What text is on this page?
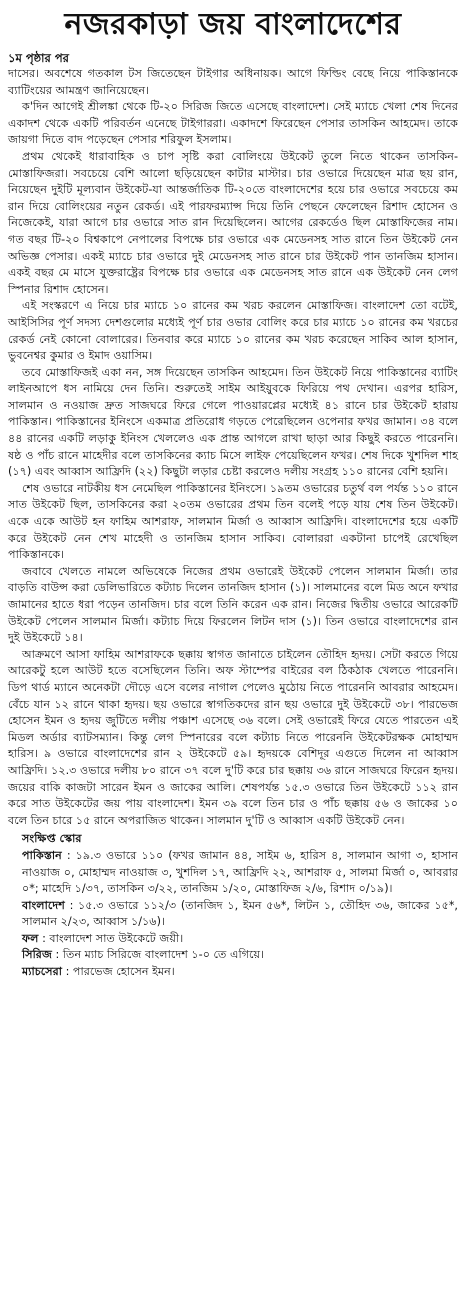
নজরকাড়া জয় বাংলাদেশের
১ম পৃষ্ঠার পর

দাসের। অবশেষে গতকাল টস জিতেছেন টাইগার অধিনায়ক। আগে ফিল্ডিং বেছে নিয়ে পাকিস্তানকে ব্যাটিংয়ের আমন্ত্রণ জানিয়েছেন।

ক'দিন আগেই শ্রীলঙ্কা থেকে টি-২০ সিরিজ জিতে এসেছে বাংলাদেশ। সেই ম্যাচে খেলা শেষ দিনের একাদশ থেকে একটি পরিবর্তন এনেছে টাইগাররা। একাদশে ফিরেছেন পেসার তাসকিন আহমেদ। তাকে জায়গা দিতে বাদ পড়েছেন পেসার শরিফুল ইসলাম।

প্রথম থেকেই ধারাবাহিক ও চাপ সৃষ্টি করা বোলিংয়ে উইকেট তুলে নিতে থাকেন তাসকিন-মোস্তাফিজরা। সবচেয়ে বেশি আলো ছড়িয়েছেন কাটার মাস্টার। চার ওভারে দিয়েছেন মাত্র ছয় রান, নিয়েছেন দুইটি মূল্যবান উইকেট-যা আন্তর্জাতিক টি-২০তে বাংলাদেশের হয়ে চার ওভারে সবচেয়ে কম রান দিয়ে বোলিংয়ের নতুন রেকর্ড। এই পারফরম্যান্স দিয়ে তিনি পেছনে ফেলেছেন রিশাদ হোসেন ও নিজেকেই, যারা আগে চার ওভারে সাত রান দিয়েছিলেন। আগের রেকর্ডেও ছিল মোস্তাফিজের নাম। গত বছর টি-২০ বিশ্বকাপে নেপালের বিপক্ষে চার ওভারে এক মেডেনসহ সাত রানে তিন উইকেট নেন অভিজ্ঞ পেসার। একই ম্যাচে চার ওভারে দুই মেডেনসহ সাত রানে চার উইকেট পান তানজিম হাসান। একই বছর মে মাসে যুক্তরাষ্ট্রের বিপক্ষে চার ওভারে এক মেডেনসহ সাত রানে এক উইকেট নেন লেগ স্পিনার রিশাদ হোসেন।

এই সংস্করণে এ নিয়ে চার ম্যাচে ১০ রানের কম খরচ করলেন মোস্তাফিজ। বাংলাদেশ তো বটেই, আইসিসির পূর্ণ সদস্য দেশগুলোর মধ্যেই পূর্ণ চার ওভার বোলিং করে চার ম্যাচে ১০ রানের কম খরচের রেকর্ড নেই কোনো বোলারের। তিনবার করে ম্যাচে ১০ রানের কম খরচ করেছেন সাকিব আল হাসান, ভুবনেশ্বর কুমার ও ইমাদ ওয়াসিম।

তবে মোস্তাফিজই একা নন, সঙ্গ দিয়েছেন তাসকিন আহমেদ। তিন উইকেট নিয়ে পাকিস্তানের ব্যাটিং লাইনআপে ধস নামিয়ে দেন তিনি। শুরুতেই সাইম আইয়ুবকে ফিরিয়ে পথ দেখান। এরপর হারিস, সালমান ও নওয়াজ দ্রুত সাজঘরে ফিরে গেলে পাওয়ারপ্লের মধ্যেই ৪১ রানে চার উইকেট হারায় পাকিস্তান। পাকিস্তানের ইনিংসে একমাত্র প্রতিরোধ গড়তে পেরেছিলেন ওপেনার ফখর জামান। ৩৪ বলে ৪৪ রানের একটি লড়াকু ইনিংস খেললেও এক প্রান্ত আগলে রাখা ছাড়া আর কিছুই করতে পারেননি। ষষ্ঠ ও পাঁচ রানে মাহেদীর বলে তাসকিনের ক্যাচ মিসে লাইফ পেয়েছিলেন ফখর। শেষ দিকে খুশদিল শাহ (১৭) এবং আব্বাস আফ্রিদি (২২) কিছুটা লড়ার চেষ্টা করলেও দলীয় সংগ্রহ ১১০ রানের বেশি হয়নি।

শেষ ওভারে নাটকীয় ধস নেমেছিল পাকিস্তানের ইনিংসে। ১৯তম ওভারের চতুর্থ বল পর্যন্ত ১১০ রানে সাত উইকেট ছিল, তাসকিনের করা ২০তম ওভারের প্রথম তিন বলেই পড়ে যায় শেষ তিন উইকেট। একে একে আউট হন ফাহিম আশরাফ, সালমান মির্জা ও আব্বাস আফ্রিদি। বাংলাদেশের হয়ে একটি করে উইকেট নেন শেখ মাহেদী ও তানজিম হাসান সাকিব। বোলাররা একটানা চাপেই রেখেছিল পাকিস্তানকে।

জবাবে খেলতে নামলে অভিষেকে নিজের প্রথম ওভারেই উইকেট পেলেন সালমান মির্জা। তার বাড়তি বাউন্স করা ডেলিভারিতে কট্যাচ দিলেন তানজিদ হাসান (১)। সালমানের বলে মিড অনে ফখার জামানের হাতে ধরা পড়েন তানজিদ। চার বলে তিনি করেন এক রান। নিজের দ্বিতীয় ওভারে আরেকটি উইকেট পেলেন সালমান মির্জা। কট্যাচ দিয়ে ফিরলেন লিটন দাস (১)। তিন ওভারে বাংলাদেশের রান দুই উইকেটে ১৪।

আক্রমণে আসা ফাহিম আশরাফকে ছক্কায় স্বাগত জানাতে চাইলেন তৌহিদ হৃদয়। সেটা করতে গিয়ে আরেকটু হলে আউট হতে বসেছিলেন তিনি। অফ স্টাম্পের বাইরের বল ঠিকঠাক খেলতে পারেননি। ডিপ থার্ড ম্যানে অনেকটা দৌড়ে এসে বলের নাগাল পেলেও মুঠোয় নিতে পারেননি আবরার আহমেদ। বেঁচে যান ১২ রানে থাকা হৃদয়। ছয় ওভারে স্বাগতিকদের রান ছয় ওভারে দুই উইকেটে ৩৮। পারভেজ হোসেন ইমন ও হৃদয় জুটিতে দলীয় পঞ্চাশ এসেছে ৩৬ বলে। সেই ওভারেই ফিরে যেতে পারতেন এই মিডল অর্ডার ব্যাটসম্যান। কিন্তু লেগ স্পিনারের বলে কট্যাচ নিতে পারেননি উইকেটরক্ষক মোহাম্মদ হারিস। ৯ ওভারে বাংলাদেশের রান ২ উইকেটে ৫৯। হৃদয়কে বেশিদূর এগুতে দিলেন না আব্বাস আফ্রিদি। ১২.৩ ওভারে দলীয় ৮০ রানে ৩৭ বলে দু'টি করে চার ছক্কায় ৩৬ রানে সাজঘরে ফিরেন হৃদয়। জয়ের বাকি কাজটা সারেন ইমন ও জাকের আলি। শেষপর্যন্ত ১৫.৩ ওভারে তিন উইকেটে ১১২ রান করে সাত উইকেটের জয় পায় বাংলাদেশ। ইমন ৩৯ বলে তিন চার ও পাঁচ ছক্কায় ৫৬ ও জাকের ১০ বলে তিন চারে ১৫ রানে অপরাজিত থাকেন। সালমান দু'টি ও আব্বাস একটি উইকেট নেন।

সংক্ষিপ্ত স্কোর
পাকিস্তান : ১৯.৩ ওভারে ১১০ (ফখর জামান ৪৪, সাইম ৬, হারিস ৪, সালমান আগা ৩, হাসান নাওয়াজ ০, মোহাম্মদ নাওয়াজ ৩, খুশদিল ১৭, আফ্রিদি ২২, আশরাফ ৫, সালমা মির্জা ০, আবরার ০*; মাহেদি ১/৩৭, তাসকিন ৩/২২, তানজিম ১/২০, মোস্তাফিজ ২/৬, রিশাদ ০/১৯)।
বাংলাদেশ : ১৫.৩ ওভারে ১১২/৩ (তানজিদ ১, ইমন ৫৬*, লিটন ১, তৌহিদ ৩৬, জাকের ১৫*, সালমান ২/২৩, আব্বাস ১/১৬)।
ফল : বাংলাদেশ সাত উইকেটে জয়ী।
সিরিজ : তিন ম্যাচ সিরিজে বাংলাদেশ ১-০ তে এগিয়ে।
ম্যাচসেরা : পারভেজ হোসেন ইমন।
